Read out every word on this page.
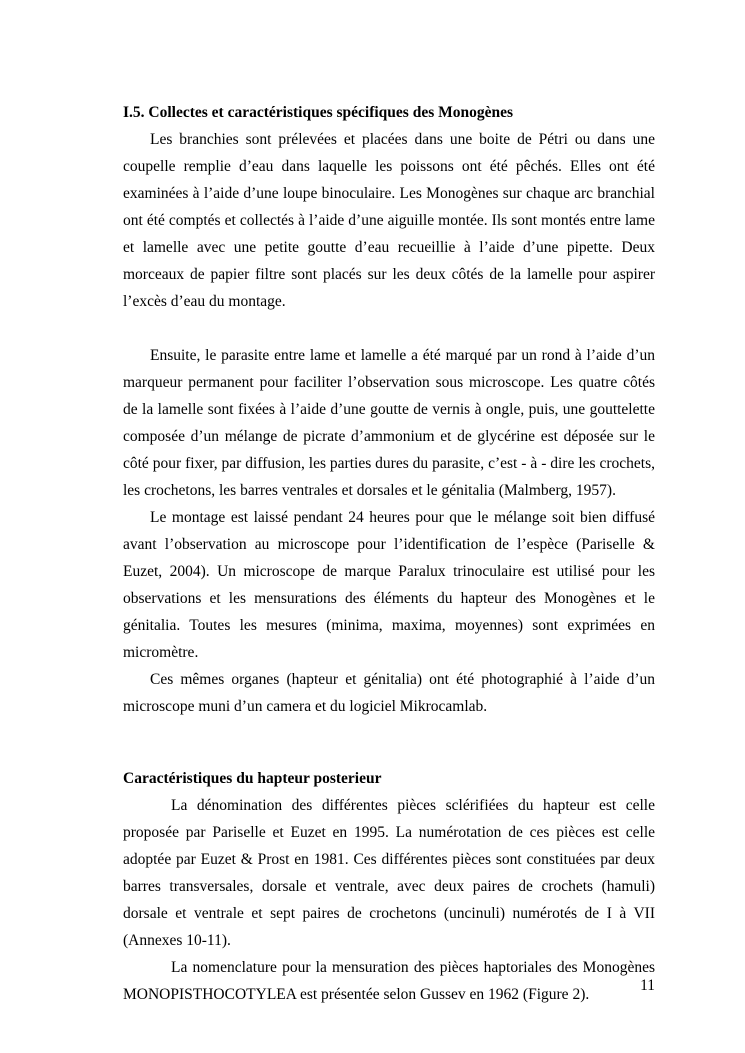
I.5. Collectes et caractéristiques spécifiques des Monogènes

Les branchies sont prélevées et placées dans une boite de Pétri ou dans une coupelle remplie d’eau dans laquelle les poissons ont été pêchés. Elles ont été examinées à l’aide d’une loupe binoculaire. Les Monogènes sur chaque arc branchial ont été comptés et collectés à l’aide d’une aiguille montée. Ils sont montés entre lame et lamelle avec une petite goutte d’eau recueillie à l’aide d’une pipette. Deux morceaux de papier filtre sont placés sur les deux côtés de la lamelle pour aspirer l’excès d’eau du montage.

Ensuite, le parasite entre lame et lamelle a été marqué par un rond à l’aide d’un marqueur permanent pour faciliter l’observation sous microscope. Les quatre côtés de la lamelle sont fixées à l’aide d’une goutte de vernis à ongle, puis, une gouttelette composée d’un mélange de picrate d’ammonium et de glycérine est déposée sur le côté pour fixer, par diffusion, les parties dures du parasite, c’est - à - dire les crochets, les crochetons, les barres ventrales et dorsales et le génitalia (Malmberg, 1957).

Le montage est laissé pendant 24 heures pour que le mélange soit bien diffusé avant l’observation au microscope pour l’identification de l’espèce (Pariselle & Euzet, 2004). Un microscope de marque Paralux trinoculaire est utilisé pour les observations et les mensurations des éléments du hapteur des Monogènes et le génitalia. Toutes les mesures (minima, maxima, moyennes) sont exprimées en micromètre.

Ces mêmes organes (hapteur et génitalia) ont été photographié à l’aide d’un microscope muni d’un camera et du logiciel Mikrocamlab.

Caractéristiques du hapteur posterieur

La dénomination des différentes pièces sclérifiées du hapteur est celle proposée par Pariselle et Euzet en 1995. La numérotation de ces pièces est celle adoptée par Euzet & Prost en 1981. Ces différentes pièces sont constituées par deux barres transversales, dorsale et ventrale, avec deux paires de crochets (hamuli) dorsale et ventrale et sept paires de crochetons (uncinuli) numérotés de I à VII (Annexes 10-11).

La nomenclature pour la mensuration des pièces haptoriales des Monogènes MONOPISTHOCOTYLEA est présentée selon Gussev en 1962 (Figure 2).

11
